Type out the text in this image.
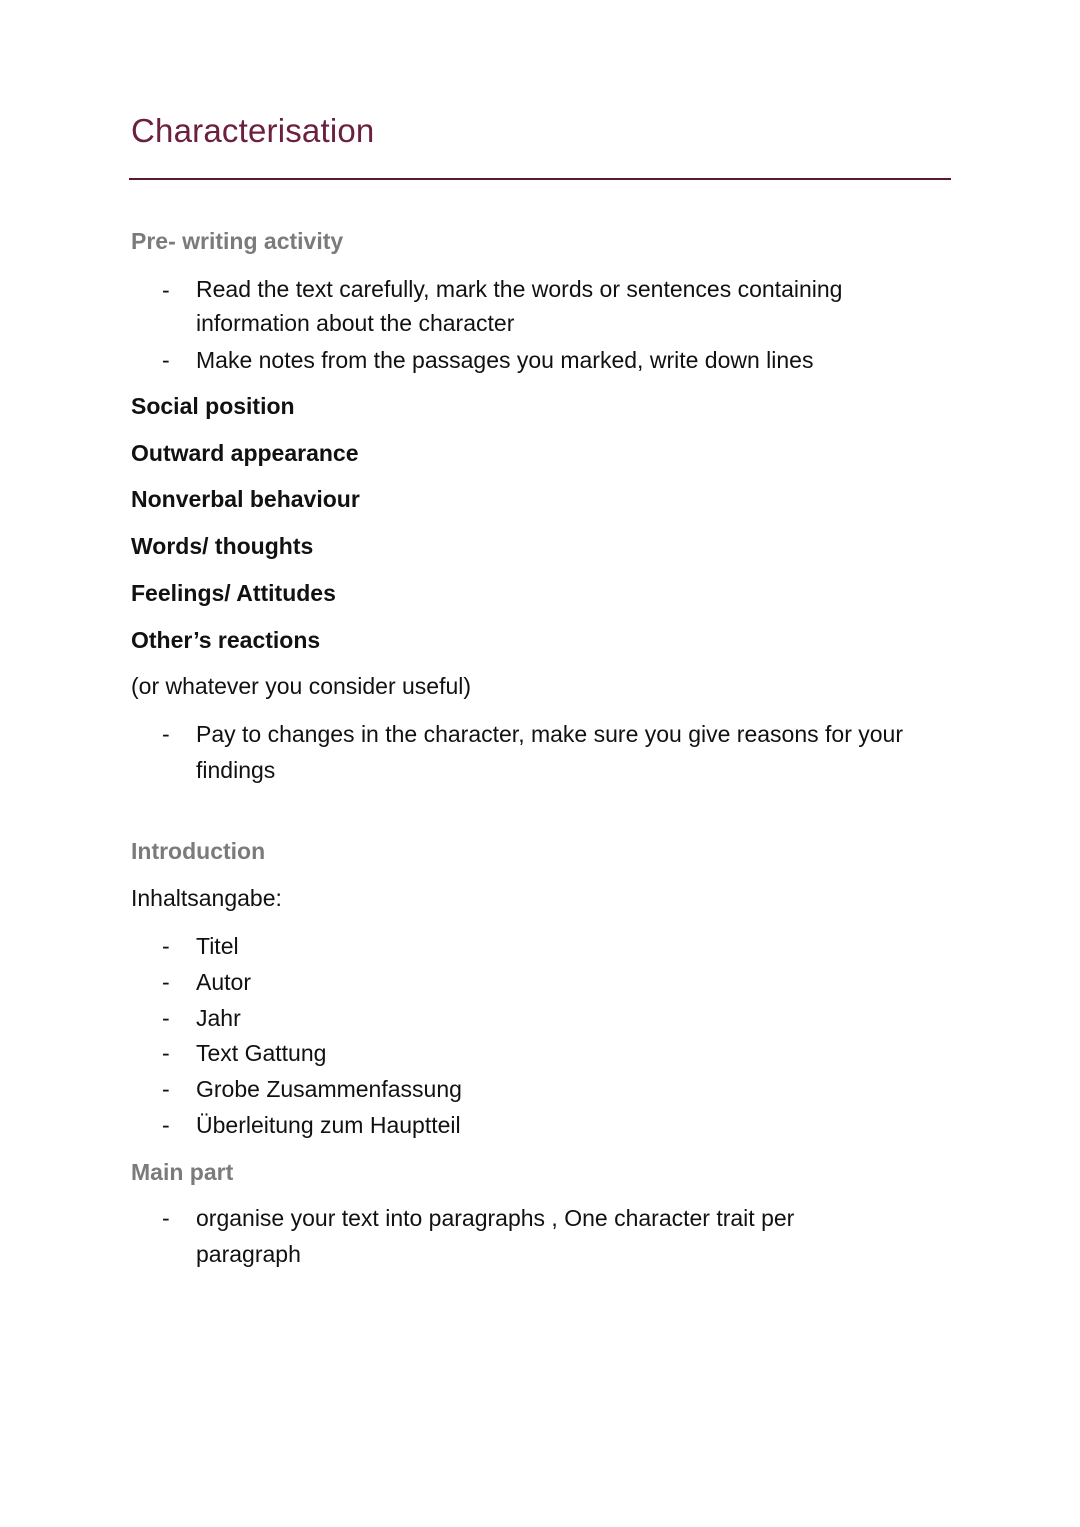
Characterisation
Pre- writing activity
- Read the text carefully, mark the words or sentences containing information about the character
- Make notes from the passages you marked, write down lines
Social position
Outward appearance
Nonverbal behaviour
Words/ thoughts
Feelings/ Attitudes
Other’s reactions
(or whatever you consider useful)
- Pay to changes in the character, make sure you give reasons for your findings
Introduction
Inhaltsangabe:
- Titel
- Autor
- Jahr
- Text Gattung
- Grobe Zusammenfassung
- Überleitung zum Hauptteil
Main part
- organise your text into paragraphs , One character trait per paragraph
